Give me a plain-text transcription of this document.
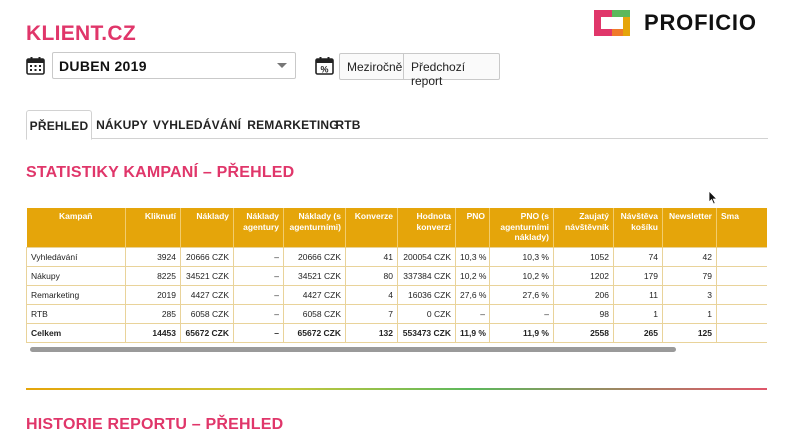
KLIENT.CZ	PROFICIO
DUBEN 2019	%	Meziročně Předchozí report
PŘEHLED NÁKUPY VYHLEDÁVÁNÍ REMARKETING
RTB
STATISTIKY KAMPANÍ – PŘEHLED
Kampaň	Kliknutí	Náklady	Náklady agentury	Náklady (s agenturními)	Konverze	Hodnota konverzí	PNO	PNO (s agenturními náklady)	Zaujatý návštěvník	Návštěva košíku	Newsletter	Sma
Vyhledávání	3924	20666 CZK	–	20666 CZK	41	200054 CZK	10,3 %	10,3 %	1052	74	42	
Nákupy	8225	34521 CZK	–	34521 CZK	80	337384 CZK	10,2 %	10,2 %	1202	179	79	
Remarketing	2019	4427 CZK	–	4427 CZK	4	16036 CZK	27,6 %	27,6 %	206	11	3	
RTB	285	6058 CZK	–	6058 CZK	7	0 CZK	–	–	98	1	1	
Celkem	14453	65672 CZK	–	65672 CZK	132	553473 CZK	11,9 %	11,9 %	2558	265	125	
HISTORIE REPORTU – PŘEHLED
